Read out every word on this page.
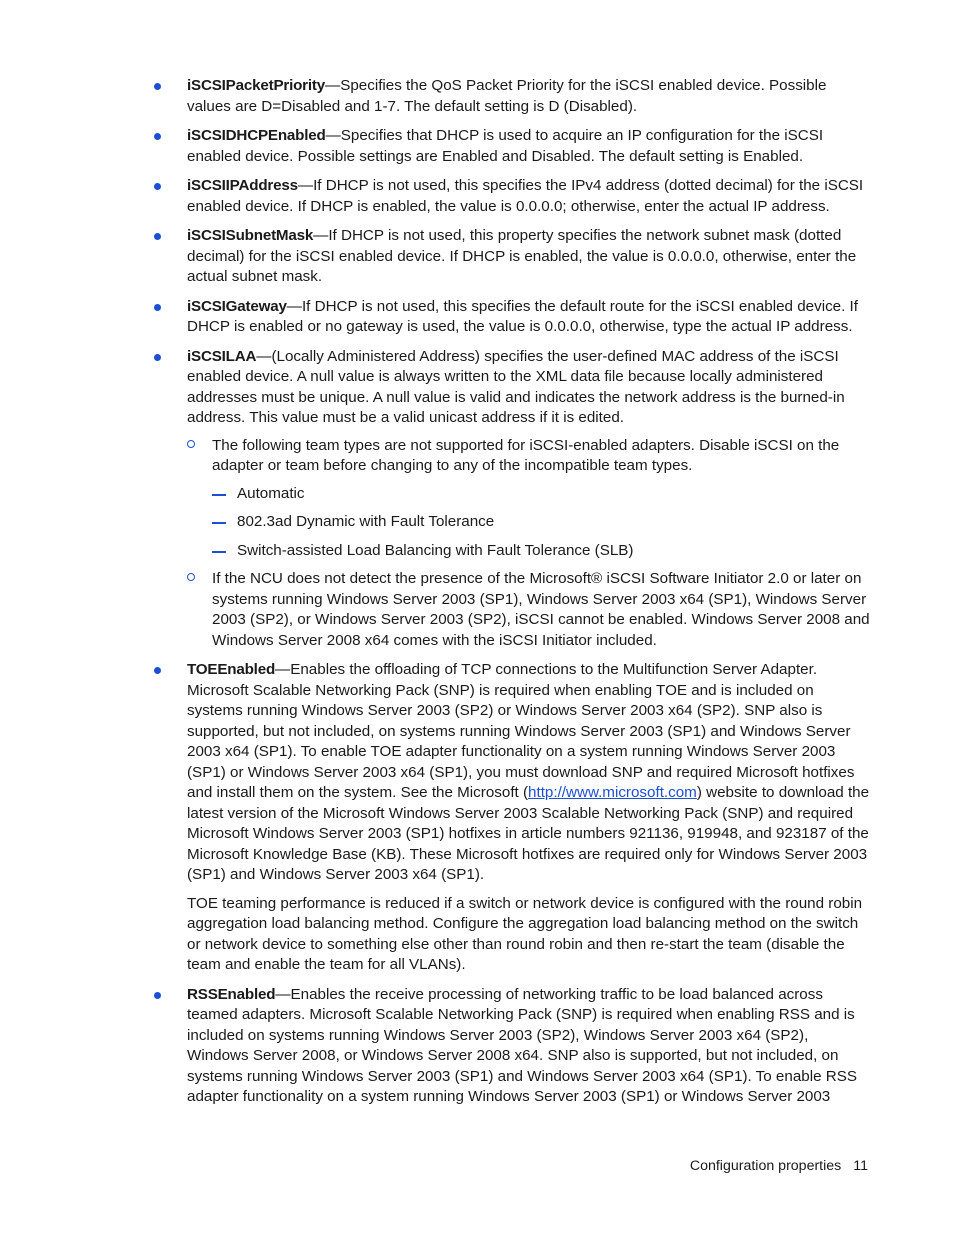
iSCSIPacketPriority—Specifies the QoS Packet Priority for the iSCSI enabled device. Possible values are D=Disabled and 1-7. The default setting is D (Disabled).

iSCSIDHCPEnabled—Specifies that DHCP is used to acquire an IP configuration for the iSCSI enabled device. Possible settings are Enabled and Disabled. The default setting is Enabled.

iSCSIIPAddress—If DHCP is not used, this specifies the IPv4 address (dotted decimal) for the iSCSI enabled device. If DHCP is enabled, the value is 0.0.0.0; otherwise, enter the actual IP address.

iSCSISubnetMask—If DHCP is not used, this property specifies the network subnet mask (dotted decimal) for the iSCSI enabled device. If DHCP is enabled, the value is 0.0.0.0, otherwise, enter the actual subnet mask.

iSCSIGateway—If DHCP is not used, this specifies the default route for the iSCSI enabled device. If DHCP is enabled or no gateway is used, the value is 0.0.0.0, otherwise, type the actual IP address.

iSCSILAA—(Locally Administered Address) specifies the user-defined MAC address of the iSCSI enabled device. A null value is always written to the XML data file because locally administered addresses must be unique. A null value is valid and indicates the network address is the burned-in address. This value must be a valid unicast address if it is edited.

The following team types are not supported for iSCSI-enabled adapters. Disable iSCSI on the adapter or team before changing to any of the incompatible team types.

Automatic
802.3ad Dynamic with Fault Tolerance
Switch-assisted Load Balancing with Fault Tolerance (SLB)

If the NCU does not detect the presence of the Microsoft® iSCSI Software Initiator 2.0 or later on systems running Windows Server 2003 (SP1), Windows Server 2003 x64 (SP1), Windows Server 2003 (SP2), or Windows Server 2003 (SP2), iSCSI cannot be enabled. Windows Server 2008 and Windows Server 2008 x64 comes with the iSCSI Initiator included.

TOEEnabled—Enables the offloading of TCP connections to the Multifunction Server Adapter. Microsoft Scalable Networking Pack (SNP) is required when enabling TOE and is included on systems running Windows Server 2003 (SP2) or Windows Server 2003 x64 (SP2). SNP also is supported, but not included, on systems running Windows Server 2003 (SP1) and Windows Server 2003 x64 (SP1). To enable TOE adapter functionality on a system running Windows Server 2003 (SP1) or Windows Server 2003 x64 (SP1), you must download SNP and required Microsoft hotfixes and install them on the system. See the Microsoft (http://www.microsoft.com) website to download the latest version of the Microsoft Windows Server 2003 Scalable Networking Pack (SNP) and required Microsoft Windows Server 2003 (SP1) hotfixes in article numbers 921136, 919948, and 923187 of the Microsoft Knowledge Base (KB). These Microsoft hotfixes are required only for Windows Server 2003 (SP1) and Windows Server 2003 x64 (SP1).

TOE teaming performance is reduced if a switch or network device is configured with the round robin aggregation load balancing method. Configure the aggregation load balancing method on the switch or network device to something else other than round robin and then re-start the team (disable the team and enable the team for all VLANs).

RSSEnabled—Enables the receive processing of networking traffic to be load balanced across teamed adapters. Microsoft Scalable Networking Pack (SNP) is required when enabling RSS and is included on systems running Windows Server 2003 (SP2), Windows Server 2003 x64 (SP2), Windows Server 2008, or Windows Server 2008 x64. SNP also is supported, but not included, on systems running Windows Server 2003 (SP1) and Windows Server 2003 x64 (SP1). To enable RSS adapter functionality on a system running Windows Server 2003 (SP1) or Windows Server 2003

Configuration properties 11
